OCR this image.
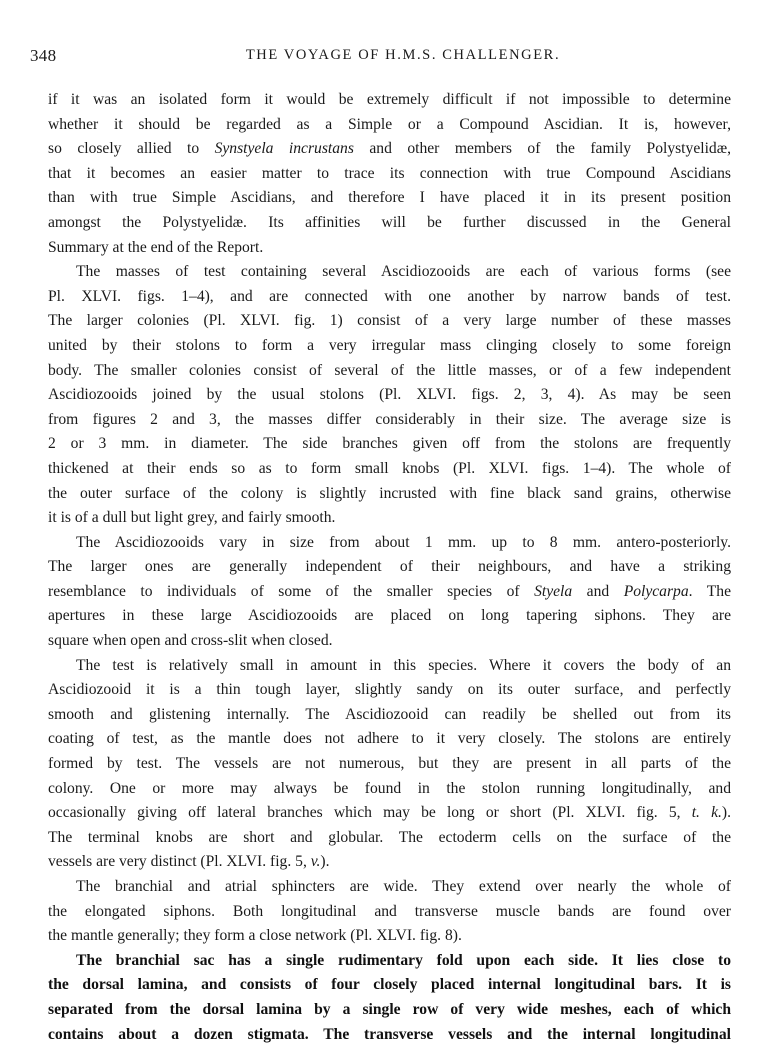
348	THE VOYAGE OF H.M.S. CHALLENGER.

if it was an isolated form it would be extremely difficult if not impossible to determine
whether it should be regarded as a Simple or a Compound Ascidian. It is, however,
so closely allied to Synstyela incrustans and other members of the family Polystyelidæ,
that it becomes an easier matter to trace its connection with true Compound Ascidians
than with true Simple Ascidians, and therefore I have placed it in its present position
amongst the Polystyelidæ. Its affinities will be further discussed in the General
Summary at the end of the Report.

The masses of test containing several Ascidiozooids are each of various forms (see
Pl. XLVI. figs. 1–4), and are connected with one another by narrow bands of test.
The larger colonies (Pl. XLVI. fig. 1) consist of a very large number of these masses
united by their stolons to form a very irregular mass clinging closely to some foreign
body. The smaller colonies consist of several of the little masses, or of a few independent
Ascidiozooids joined by the usual stolons (Pl. XLVI. figs. 2, 3, 4). As may be seen
from figures 2 and 3, the masses differ considerably in their size. The average size is
2 or 3 mm. in diameter. The side branches given off from the stolons are frequently
thickened at their ends so as to form small knobs (Pl. XLVI. figs. 1–4). The whole of
the outer surface of the colony is slightly incrusted with fine black sand grains, otherwise
it is of a dull but light grey, and fairly smooth.

The Ascidiozooids vary in size from about 1 mm. up to 8 mm. antero-posteriorly.
The larger ones are generally independent of their neighbours, and have a striking
resemblance to individuals of some of the smaller species of Styela and Polycarpa. The
apertures in these large Ascidiozooids are placed on long tapering siphons. They are
square when open and cross-slit when closed.

The test is relatively small in amount in this species. Where it covers the body of an
Ascidiozooid it is a thin tough layer, slightly sandy on its outer surface, and perfectly
smooth and glistening internally. The Ascidiozooid can readily be shelled out from its
coating of test, as the mantle does not adhere to it very closely. The stolons are entirely
formed by test. The vessels are not numerous, but they are present in all parts of the
colony. One or more may always be found in the stolon running longitudinally, and
occasionally giving off lateral branches which may be long or short (Pl. XLVI. fig. 5, t. k.).
The terminal knobs are short and globular. The ectoderm cells on the surface of the
vessels are very distinct (Pl. XLVI. fig. 5, v.).

The branchial and atrial sphincters are wide. They extend over nearly the whole of
the elongated siphons. Both longitudinal and transverse muscle bands are found over
the mantle generally; they form a close network (Pl. XLVI. fig. 8).

The branchial sac has a single rudimentary fold upon each side. It lies close to
the dorsal lamina, and consists of four closely placed internal longitudinal bars. It is
separated from the dorsal lamina by a single row of very wide meshes, each of which
contains about a dozen stigmata. The transverse vessels and the internal longitudinal
